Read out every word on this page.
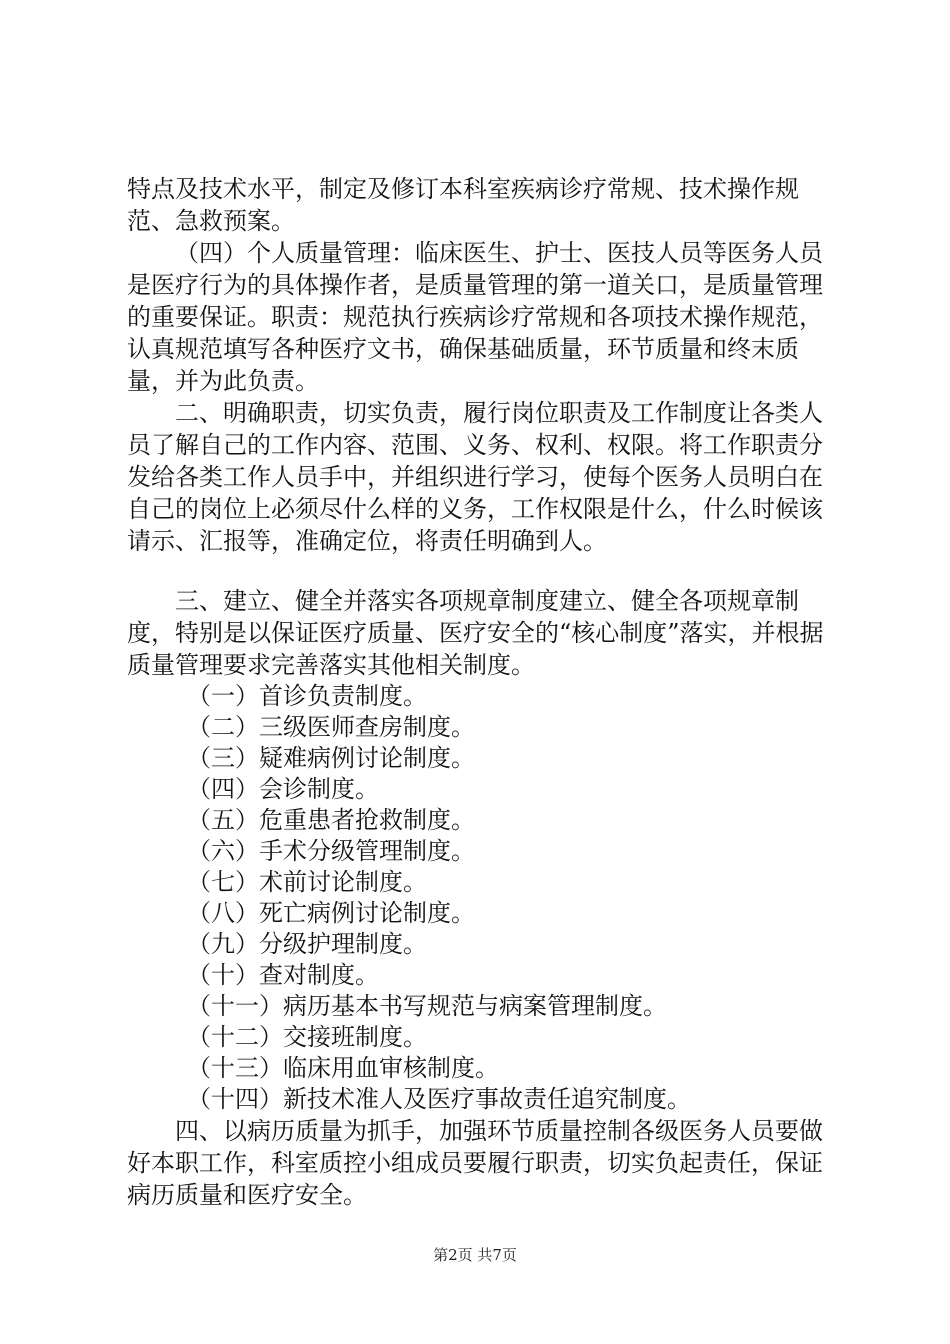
特点及技术水平，制定及修订本科室疾病诊疗常规、技术操作规范、急救预案。

（四）个人质量管理：临床医生、护士、医技人员等医务人员是医疗行为的具体操作者，是质量管理的第一道关口，是质量管理的重要保证。职责：规范执行疾病诊疗常规和各项技术操作规范，认真规范填写各种医疗文书，确保基础质量，环节质量和终末质量，并为此负责。

二、明确职责，切实负责，履行岗位职责及工作制度让各类人员了解自己的工作内容、范围、义务、权利、权限。将工作职责分发给各类工作人员手中，并组织进行学习，使每个医务人员明白在自己的岗位上必须尽什么样的义务，工作权限是什么，什么时候该请示、汇报等，准确定位，将责任明确到人。

三、建立、健全并落实各项规章制度建立、健全各项规章制度，特别是以保证医疗质量、医疗安全的“核心制度”落实，并根据质量管理要求完善落实其他相关制度。

（一）首诊负责制度。

（二）三级医师查房制度。

（三）疑难病例讨论制度。

（四）会诊制度。

（五）危重患者抢救制度。

（六）手术分级管理制度。

（七）术前讨论制度。

（八）死亡病例讨论制度。

（九）分级护理制度。

（十）查对制度。

（十一）病历基本书写规范与病案管理制度。

（十二）交接班制度。

（十三）临床用血审核制度。

（十四）新技术准人及医疗事故责任追究制度。

四、以病历质量为抓手，加强环节质量控制各级医务人员要做好本职工作，科室质控小组成员要履行职责，切实负起责任，保证病历质量和医疗安全。

第2页 共7页
